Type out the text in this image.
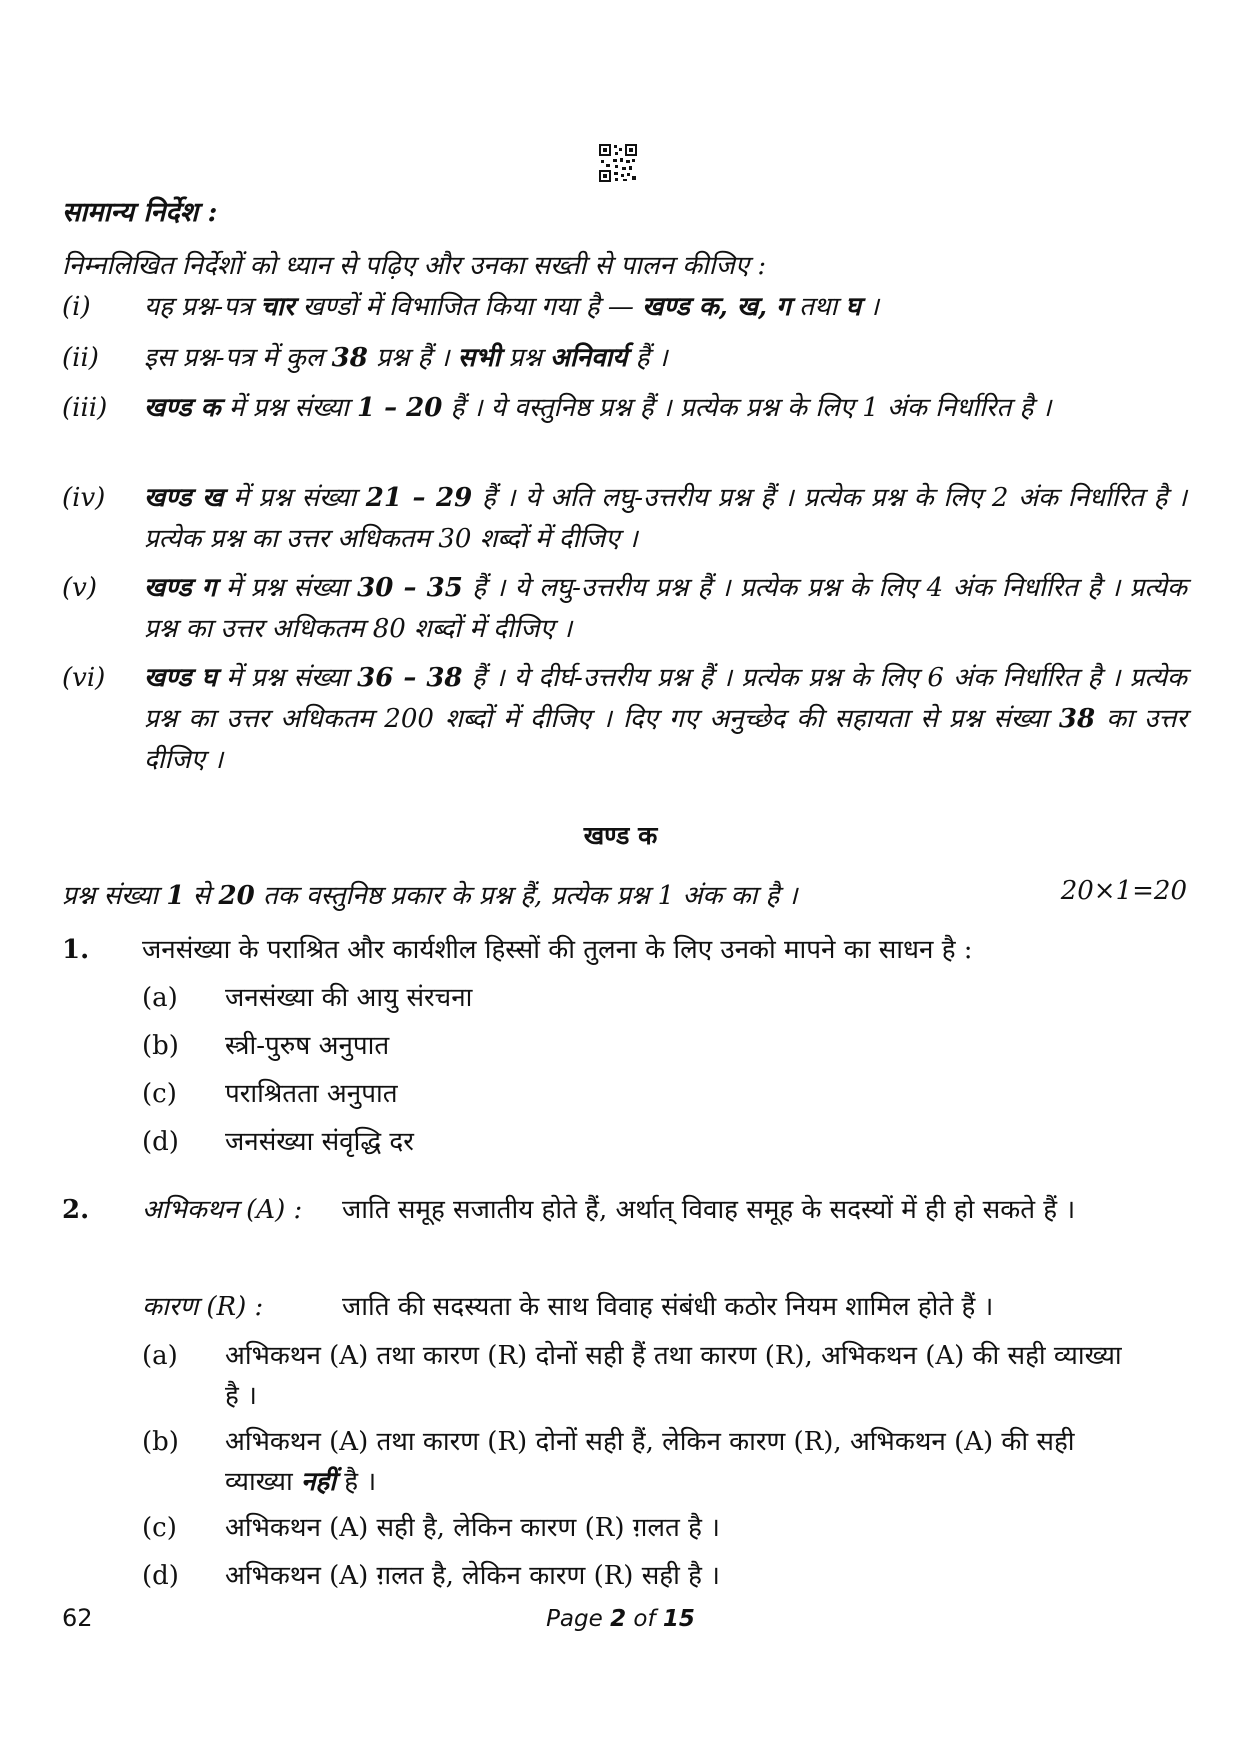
सामान्य निर्देश :
निम्नलिखित निर्देशों को ध्यान से पढ़िए और उनका सख्ती से पालन कीजिए :
(i)	यह प्रश्न-पत्र चार खण्डों में विभाजित किया गया है — खण्ड क, ख, ग तथा घ ।
(ii)	इस प्रश्न-पत्र में कुल 38 प्रश्न हैं । सभी प्रश्न अनिवार्य हैं ।
(iii)	खण्ड क में प्रश्न संख्या 1 – 20 हैं । ये वस्तुनिष्ठ प्रश्न हैं । प्रत्येक प्रश्न के लिए 1 अंक निर्धारित है ।
(iv)	खण्ड ख में प्रश्न संख्या 21 – 29 हैं । ये अति लघु-उत्तरीय प्रश्न हैं । प्रत्येक प्रश्न के लिए 2 अंक निर्धारित है । प्रत्येक प्रश्न का उत्तर अधिकतम 30 शब्दों में दीजिए ।
(v)	खण्ड ग में प्रश्न संख्या 30 – 35 हैं । ये लघु-उत्तरीय प्रश्न हैं । प्रत्येक प्रश्न के लिए 4 अंक निर्धारित है । प्रत्येक प्रश्न का उत्तर अधिकतम 80 शब्दों में दीजिए ।
(vi)	खण्ड घ में प्रश्न संख्या 36 – 38 हैं । ये दीर्घ-उत्तरीय प्रश्न हैं । प्रत्येक प्रश्न के लिए 6 अंक निर्धारित है । प्रत्येक प्रश्न का उत्तर अधिकतम 200 शब्दों में दीजिए । दिए गए अनुच्छेद की सहायता से प्रश्न संख्या 38 का उत्तर दीजिए ।
खण्ड क
प्रश्न संख्या 1 से 20 तक वस्तुनिष्ठ प्रकार के प्रश्न हैं, प्रत्येक प्रश्न 1 अंक का है ।	20×1=20
1. जनसंख्या के पराश्रित और कार्यशील हिस्सों की तुलना के लिए उनको मापने का साधन है :
(a)	जनसंख्या की आयु संरचना
(b)	स्त्री-पुरुष अनुपात
(c)	पराश्रितता अनुपात
(d)	जनसंख्या संवृद्धि दर
2. अभिकथन (A) : जाति समूह सजातीय होते हैं, अर्थात् विवाह समूह के सदस्यों में ही हो सकते हैं ।
कारण (R) :	जाति की सदस्यता के साथ विवाह संबंधी कठोर नियम शामिल होते हैं ।
(a)	अभिकथन (A) तथा कारण (R) दोनों सही हैं तथा कारण (R), अभिकथन (A) की सही व्याख्या है ।
(b)	अभिकथन (A) तथा कारण (R) दोनों सही हैं, लेकिन कारण (R), अभिकथन (A) की सही व्याख्या नहीं है ।
(c)	अभिकथन (A) सही है, लेकिन कारण (R) ग़लत है ।
(d)	अभिकथन (A) ग़लत है, लेकिन कारण (R) सही है ।
62	Page 2 of 15
